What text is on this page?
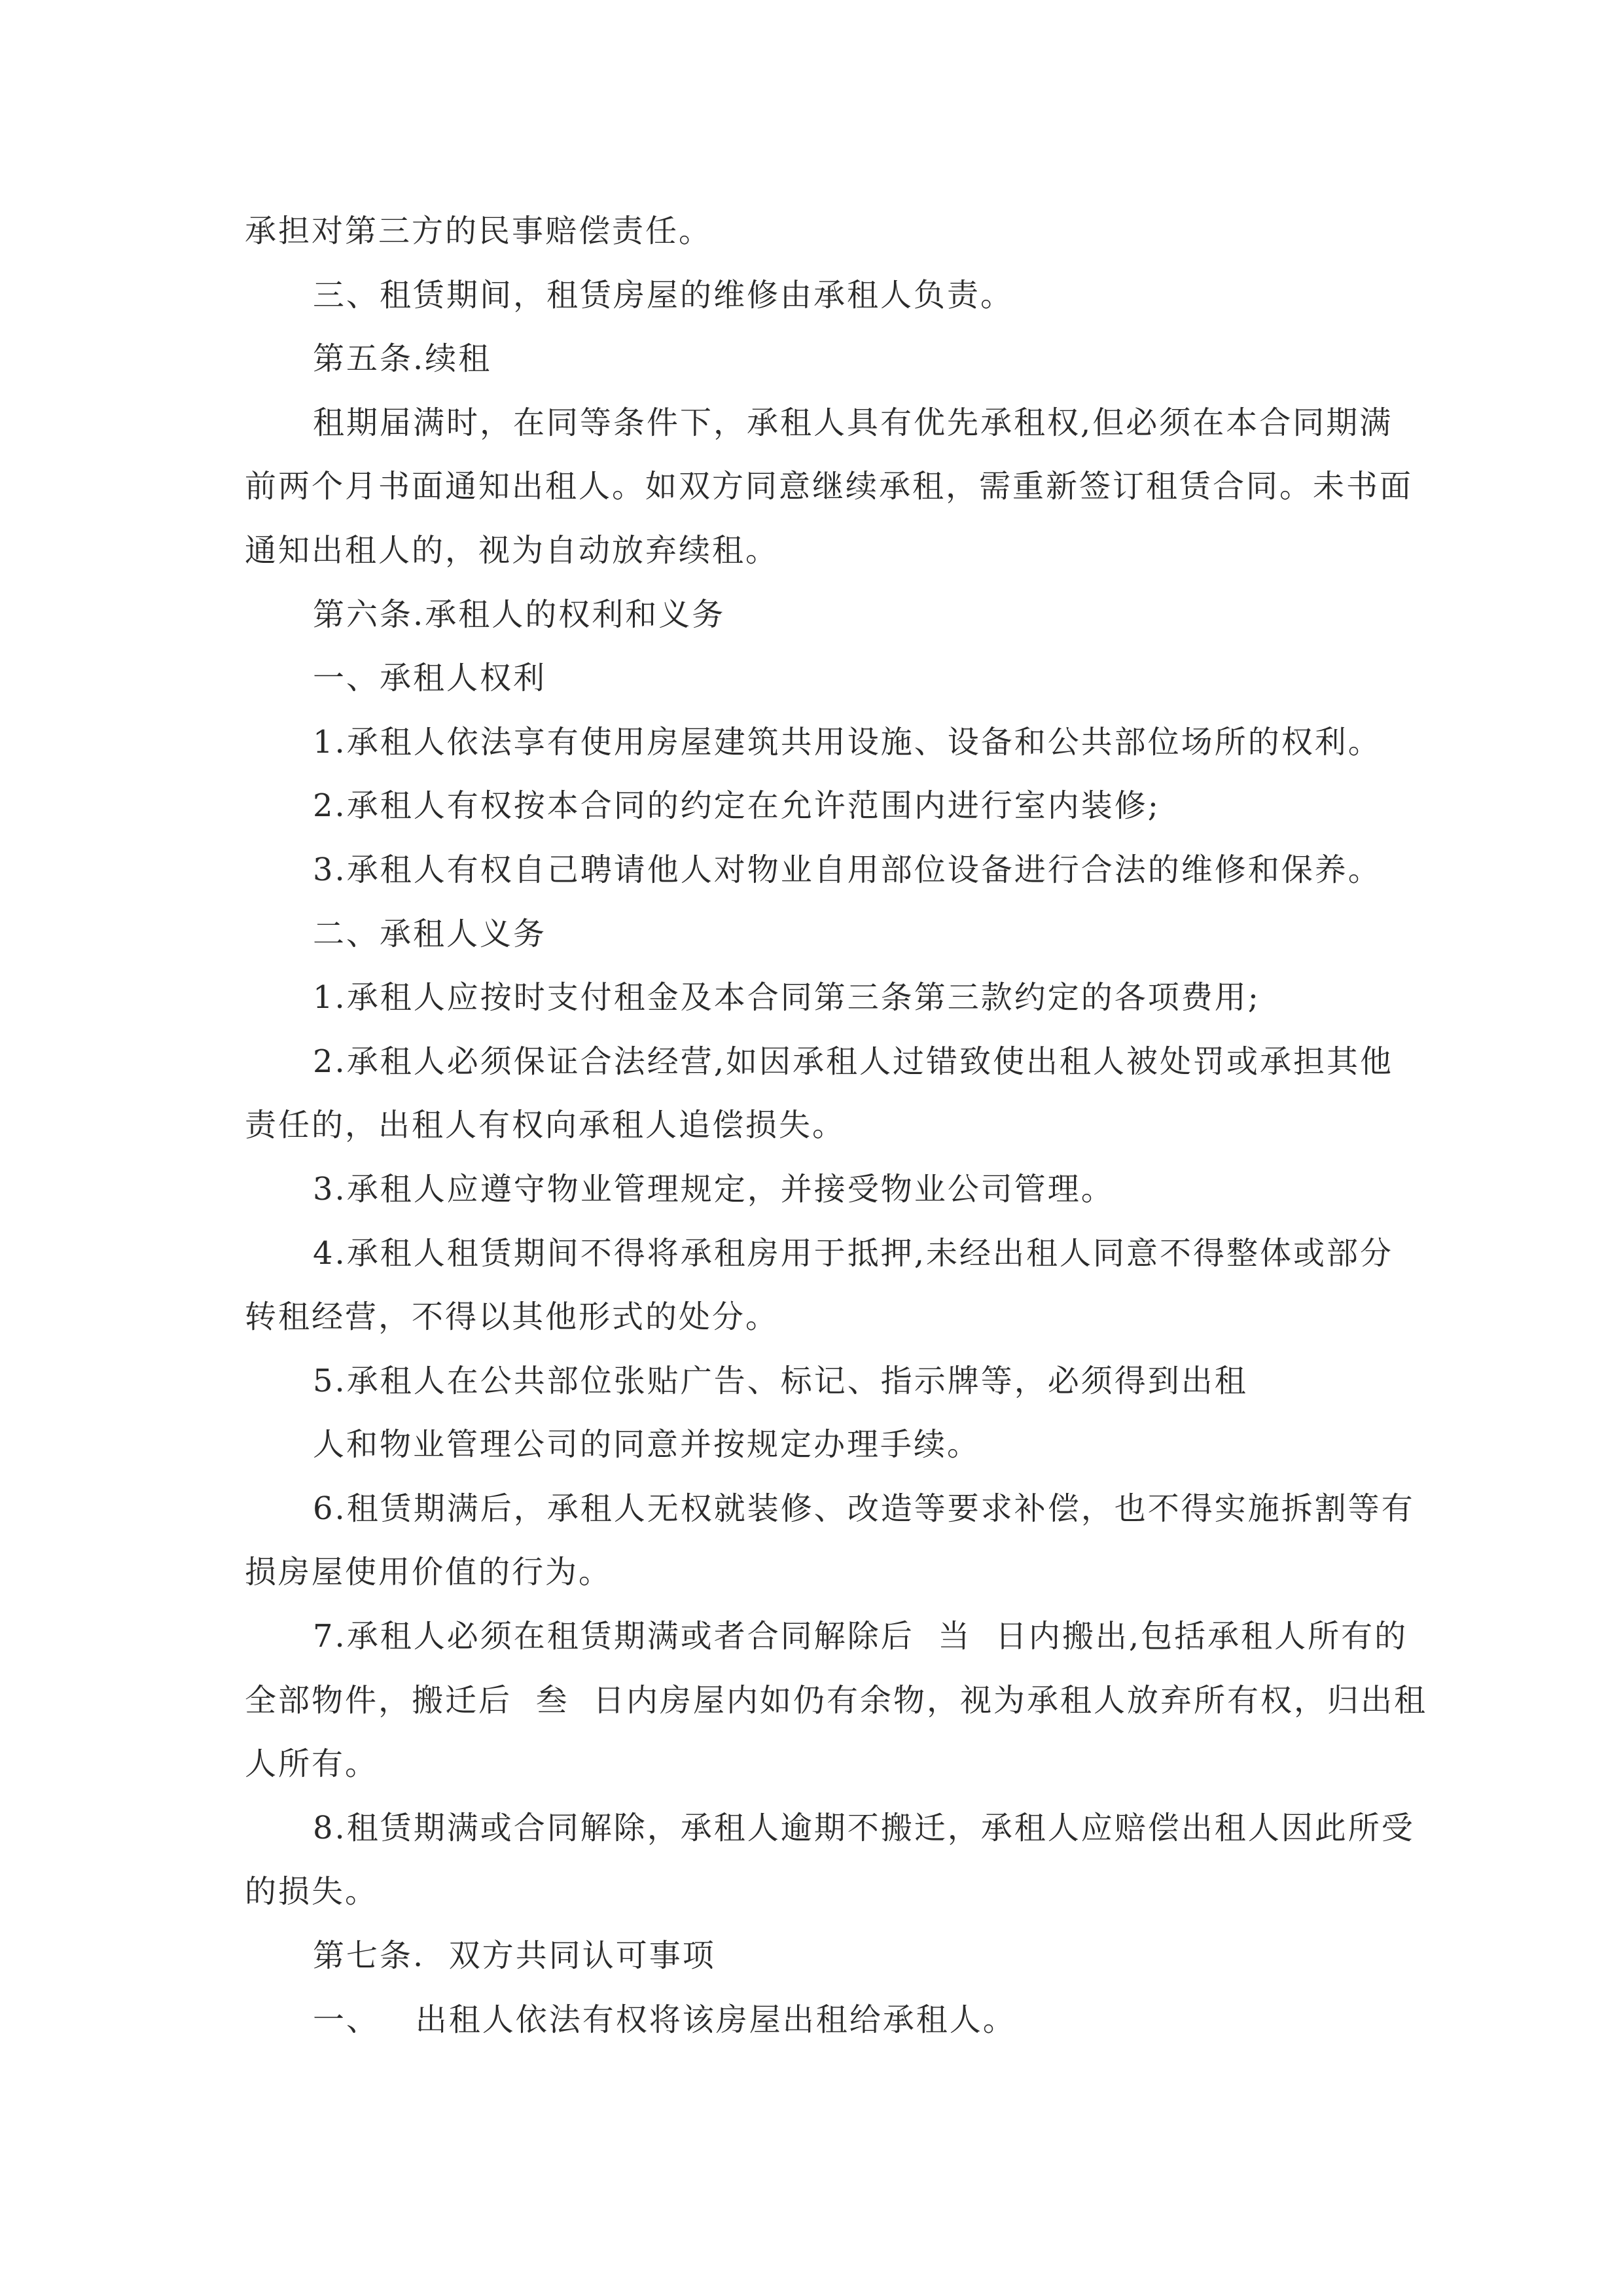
承担对第三方的民事赔偿责任。
三、租赁期间，租赁房屋的维修由承租人负责。
第五条.续租
租期届满时，在同等条件下，承租人具有优先承租权,但必须在本合同期满
前两个月书面通知出租人。如双方同意继续承租，需重新签订租赁合同。未书面
通知出租人的，视为自动放弃续租。
第六条.承租人的权利和义务
一、承租人权利
1.承租人依法享有使用房屋建筑共用设施、设备和公共部位场所的权利。
2.承租人有权按本合同的约定在允许范围内进行室内装修;
3.承租人有权自己聘请他人对物业自用部位设备进行合法的维修和保养。
二、承租人义务
1.承租人应按时支付租金及本合同第三条第三款约定的各项费用;
2.承租人必须保证合法经营,如因承租人过错致使出租人被处罚或承担其他
责任的，出租人有权向承租人追偿损失。
3.承租人应遵守物业管理规定，并接受物业公司管理。
4.承租人租赁期间不得将承租房用于抵押,未经出租人同意不得整体或部分
转租经营，不得以其他形式的处分。
5.承租人在公共部位张贴广告、标记、指示牌等，必须得到出租
人和物业管理公司的同意并按规定办理手续。
6.租赁期满后，承租人无权就装修、改造等要求补偿，也不得实施拆割等有
损房屋使用价值的行为。
7.承租人必须在租赁期满或者合同解除后  当  日内搬出,包括承租人所有的
全部物件，搬迁后  叁  日内房屋内如仍有余物，视为承租人放弃所有权，归出租
人所有。
8.租赁期满或合同解除，承租人逾期不搬迁，承租人应赔偿出租人因此所受
的损失。
第七条.  双方共同认可事项
一、   出租人依法有权将该房屋出租给承租人。
